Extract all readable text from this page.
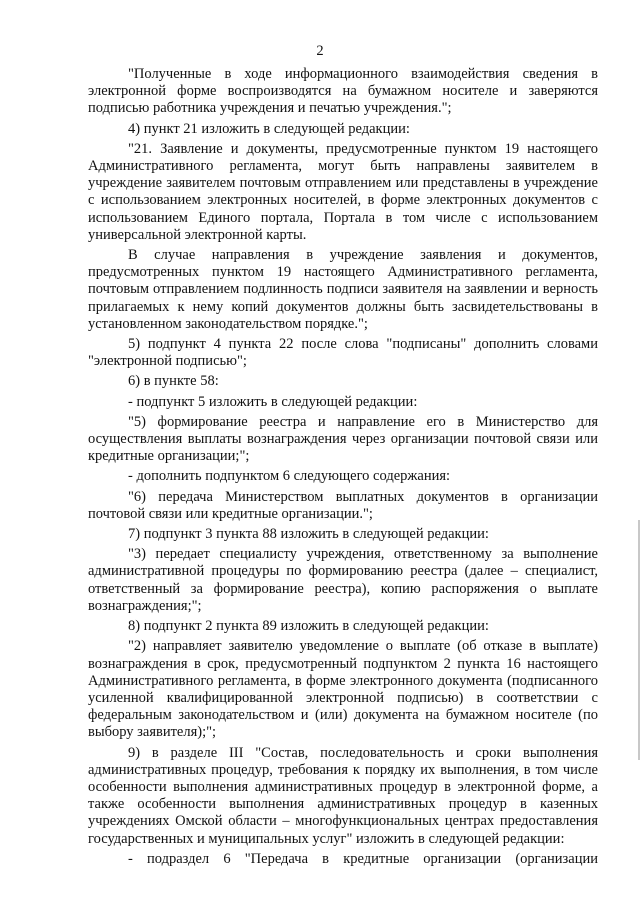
2

"Полученные в ходе информационного взаимодействия сведения в электронной форме воспроизводятся на бумажном носителе и заверяются подписью работника учреждения и печатью учреждения.";

4) пункт 21 изложить в следующей редакции:

"21. Заявление и документы, предусмотренные пунктом 19 настоящего Административного регламента, могут быть направлены заявителем в учреждение заявителем почтовым отправлением или представлены в учреждение с использованием электронных носителей, в форме электронных документов с использованием Единого портала, Портала в том числе с использованием универсальной электронной карты.

В случае направления в учреждение заявления и документов, предусмотренных пунктом 19 настоящего Административного регламента, почтовым отправлением подлинность подписи заявителя на заявлении и верность прилагаемых к нему копий документов должны быть засвидетельствованы в установленном законодательством порядке.";

5) подпункт 4 пункта 22 после слова "подписаны" дополнить словами "электронной подписью";

6) в пункте 58:

- подпункт 5 изложить в следующей редакции:

"5) формирование реестра и направление его в Министерство для осуществления выплаты вознаграждения через организации почтовой связи или кредитные организации;";

- дополнить подпунктом 6 следующего содержания:

"6) передача Министерством выплатных документов в организации почтовой связи или кредитные организации.";

7) подпункт 3 пункта 88 изложить в следующей редакции:

"3) передает специалисту учреждения, ответственному за выполнение административной процедуры по формированию реестра (далее – специалист, ответственный за формирование реестра), копию распоряжения о выплате вознаграждения;";

8) подпункт 2 пункта 89 изложить в следующей редакции:

"2) направляет заявителю уведомление о выплате (об отказе в выплате) вознаграждения в срок, предусмотренный подпунктом 2 пункта 16 настоящего Административного регламента, в форме электронного документа (подписанного усиленной квалифицированной электронной подписью) в соответствии с федеральным законодательством и (или) документа на бумажном носителе (по выбору заявителя);";

9) в разделе III "Состав, последовательность и сроки выполнения административных процедур, требования к порядку их выполнения, в том числе особенности выполнения административных процедур в электронной форме, а также особенности выполнения административных процедур в казенных учреждениях Омской области – многофункциональных центрах предоставления государственных и муниципальных услуг" изложить в следующей редакции:

- подраздел 6 "Передача в кредитные организации (организации
